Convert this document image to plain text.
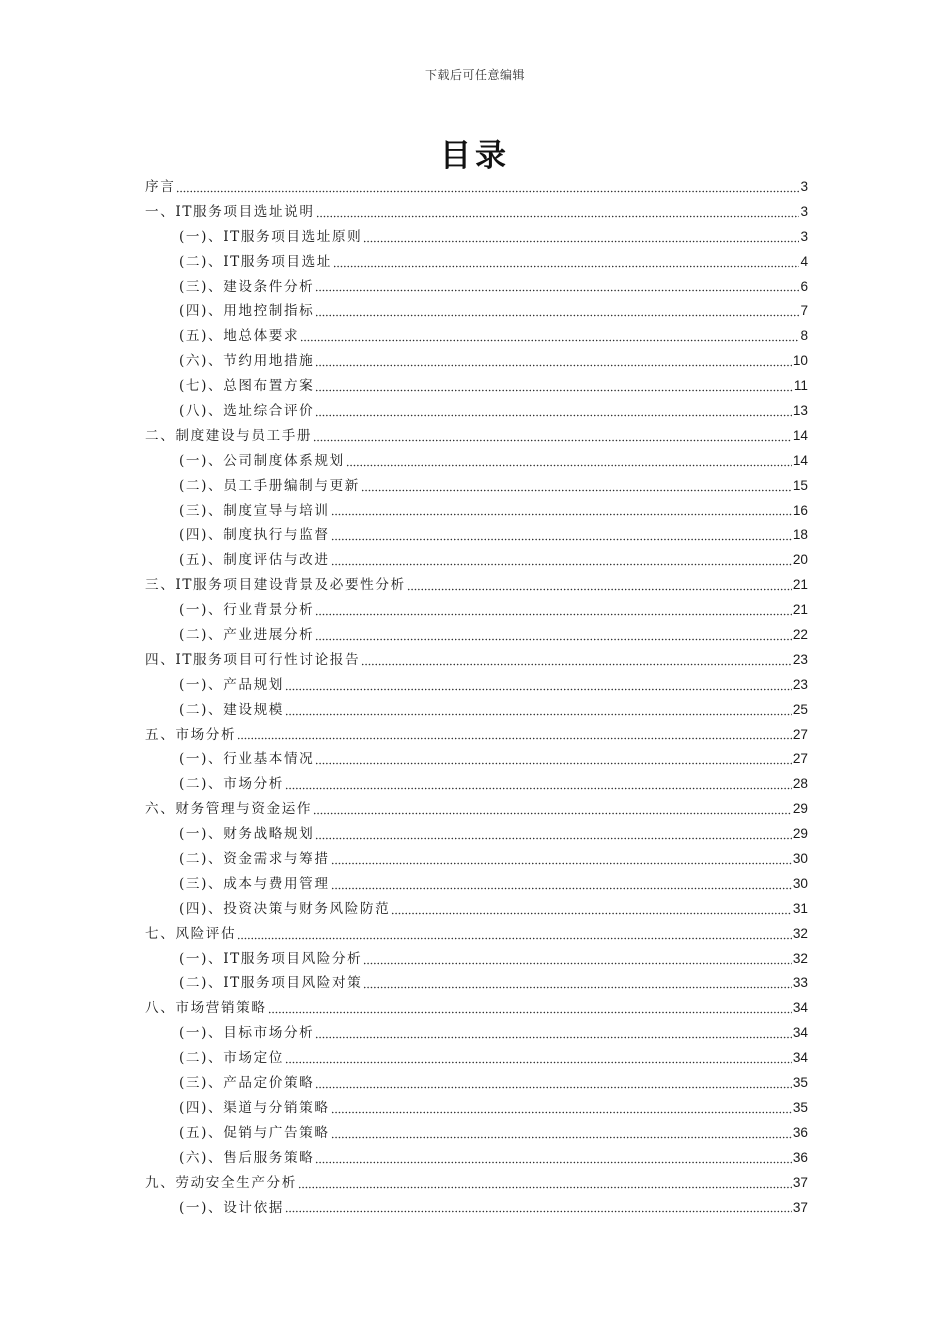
下载后可任意编辑
目录
序言	3
一、IT服务项目选址说明	3
(一)、IT服务项目选址原则	3
(二)、IT服务项目选址	4
(三)、建设条件分析	6
(四)、用地控制指标	7
(五)、地总体要求	8
(六)、节约用地措施	10
(七)、总图布置方案	11
(八)、选址综合评价	13
二、制度建设与员工手册	14
(一)、公司制度体系规划	14
(二)、员工手册编制与更新	15
(三)、制度宣导与培训	16
(四)、制度执行与监督	18
(五)、制度评估与改进	20
三、IT服务项目建设背景及必要性分析	21
(一)、行业背景分析	21
(二)、产业进展分析	22
四、IT服务项目可行性讨论报告	23
(一)、产品规划	23
(二)、建设规模	25
五、市场分析	27
(一)、行业基本情况	27
(二)、市场分析	28
六、财务管理与资金运作	29
(一)、财务战略规划	29
(二)、资金需求与筹措	30
(三)、成本与费用管理	30
(四)、投资决策与财务风险防范	31
七、风险评估	32
(一)、IT服务项目风险分析	32
(二)、IT服务项目风险对策	33
八、市场营销策略	34
(一)、目标市场分析	34
(二)、市场定位	34
(三)、产品定价策略	35
(四)、渠道与分销策略	35
(五)、促销与广告策略	36
(六)、售后服务策略	36
九、劳动安全生产分析	37
(一)、设计依据	37
